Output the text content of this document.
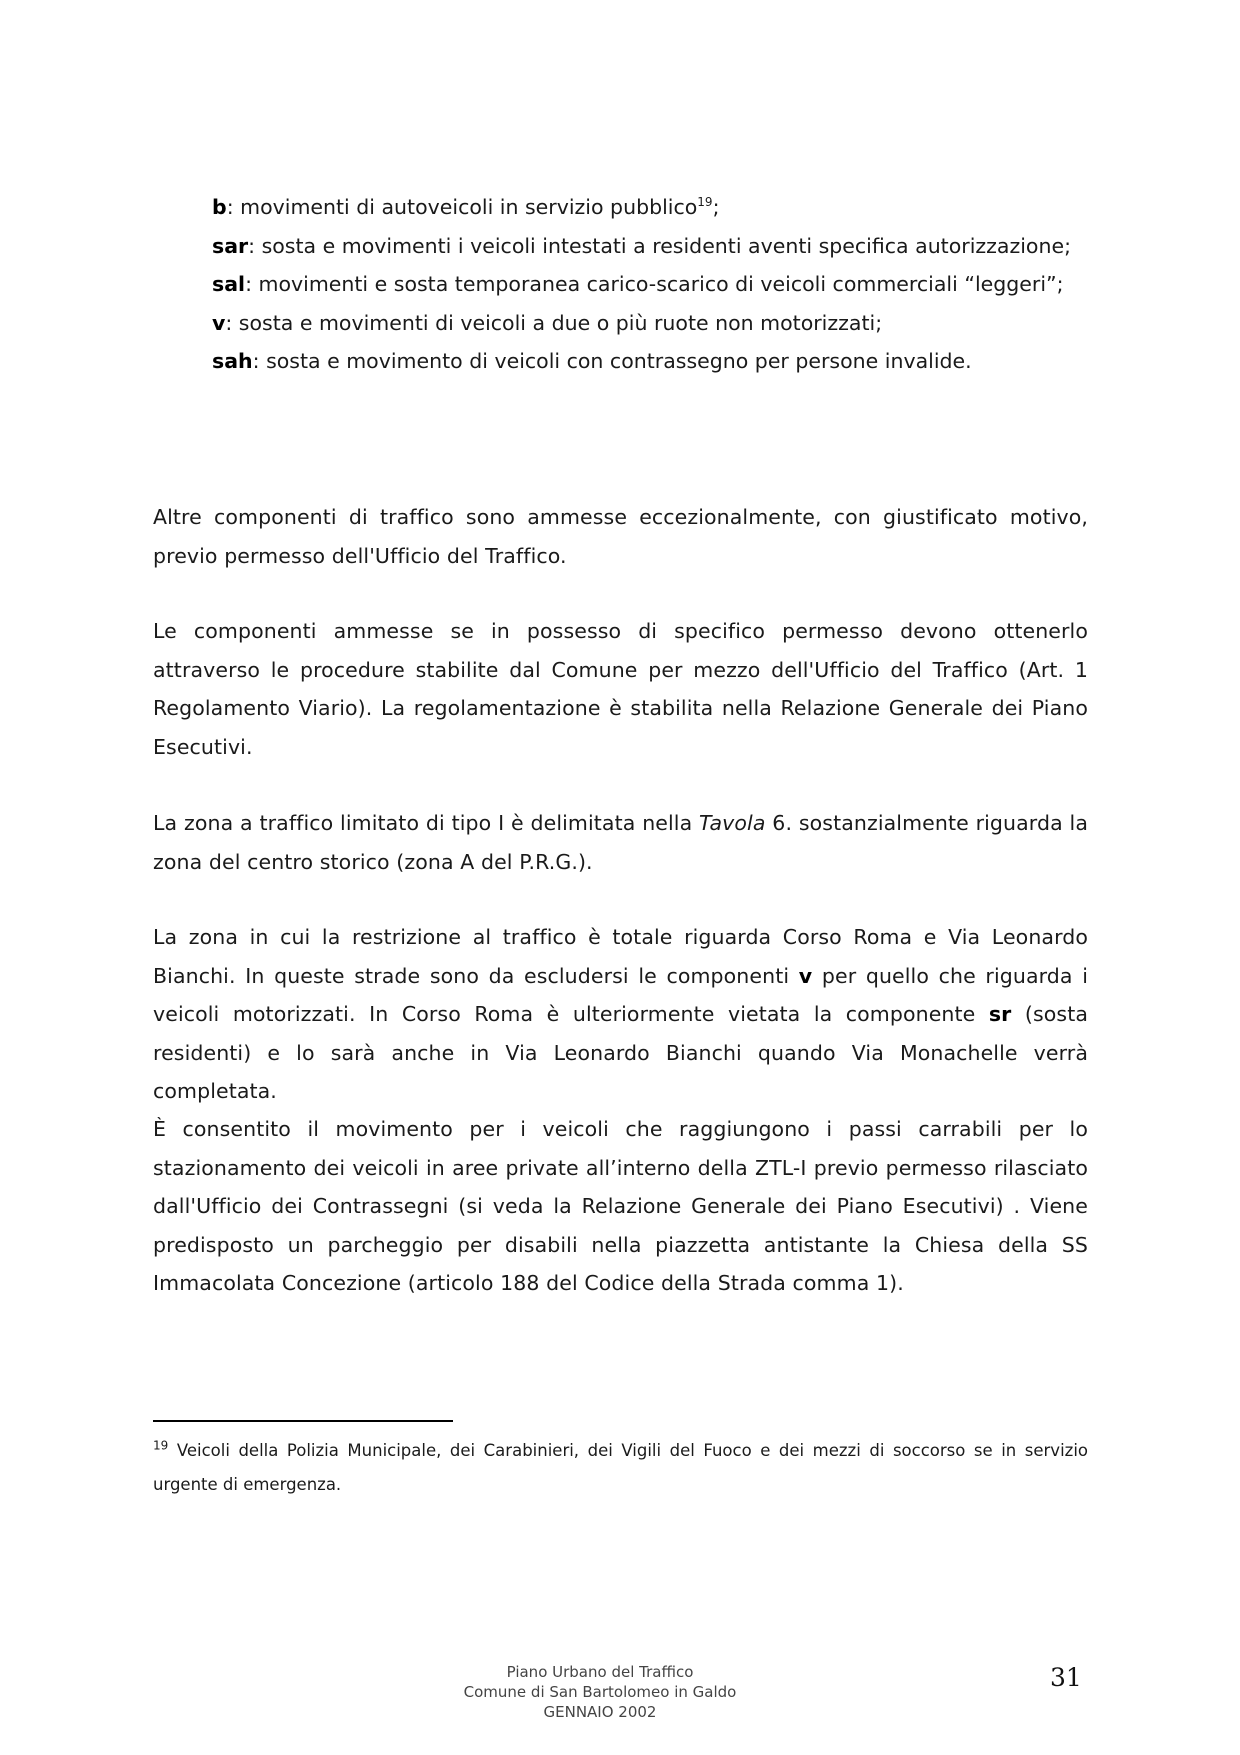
b: movimenti di autoveicoli in servizio pubblico$^{19}$;
sar: sosta e movimenti i veicoli intestati a residenti aventi specifica autorizzazione;
sal: movimenti e sosta temporanea carico-scarico di veicoli commerciali “leggeri”;
v: sosta e movimenti di veicoli a due o più ruote non motorizzati;
sah: sosta e movimento di veicoli con contrassegno per persone invalide.

Altre componenti di traffico sono ammesse eccezionalmente, con giustificato motivo, previo permesso dell'Ufficio del Traffico.

Le componenti ammesse se in possesso di specifico permesso devono ottenerlo attraverso le procedure stabilite dal Comune per mezzo dell'Ufficio del Traffico (Art. 1 Regolamento Viario). La regolamentazione è stabilita nella Relazione Generale dei Piano Esecutivi.

La zona a traffico limitato di tipo I è delimitata nella Tavola 6. sostanzialmente riguarda la zona del centro storico (zona A del P.R.G.).

La zona in cui la restrizione al traffico è totale riguarda Corso Roma e Via Leonardo Bianchi. In queste strade sono da escludersi le componenti v per quello che riguarda i veicoli motorizzati. In Corso Roma è ulteriormente vietata la componente sr (sosta residenti) e lo sarà anche in Via Leonardo Bianchi quando Via Monachelle verrà completata.

È consentito il movimento per i veicoli che raggiungono i passi carrabili per lo stazionamento dei veicoli in aree private all’interno della ZTL-I previo permesso rilasciato dall'Ufficio dei Contrassegni (si veda la Relazione Generale dei Piano Esecutivi) . Viene predisposto un parcheggio per disabili nella piazzetta antistante la Chiesa della SS Immacolata Concezione (articolo 188 del Codice della Strada comma 1).

$^{19}$ Veicoli della Polizia Municipale, dei Carabinieri, dei Vigili del Fuoco e dei mezzi di soccorso se in servizio urgente di emergenza.

Piano Urbano del Traffico
Comune di San Bartolomeo in Galdo
GENNAIO 2002
31
